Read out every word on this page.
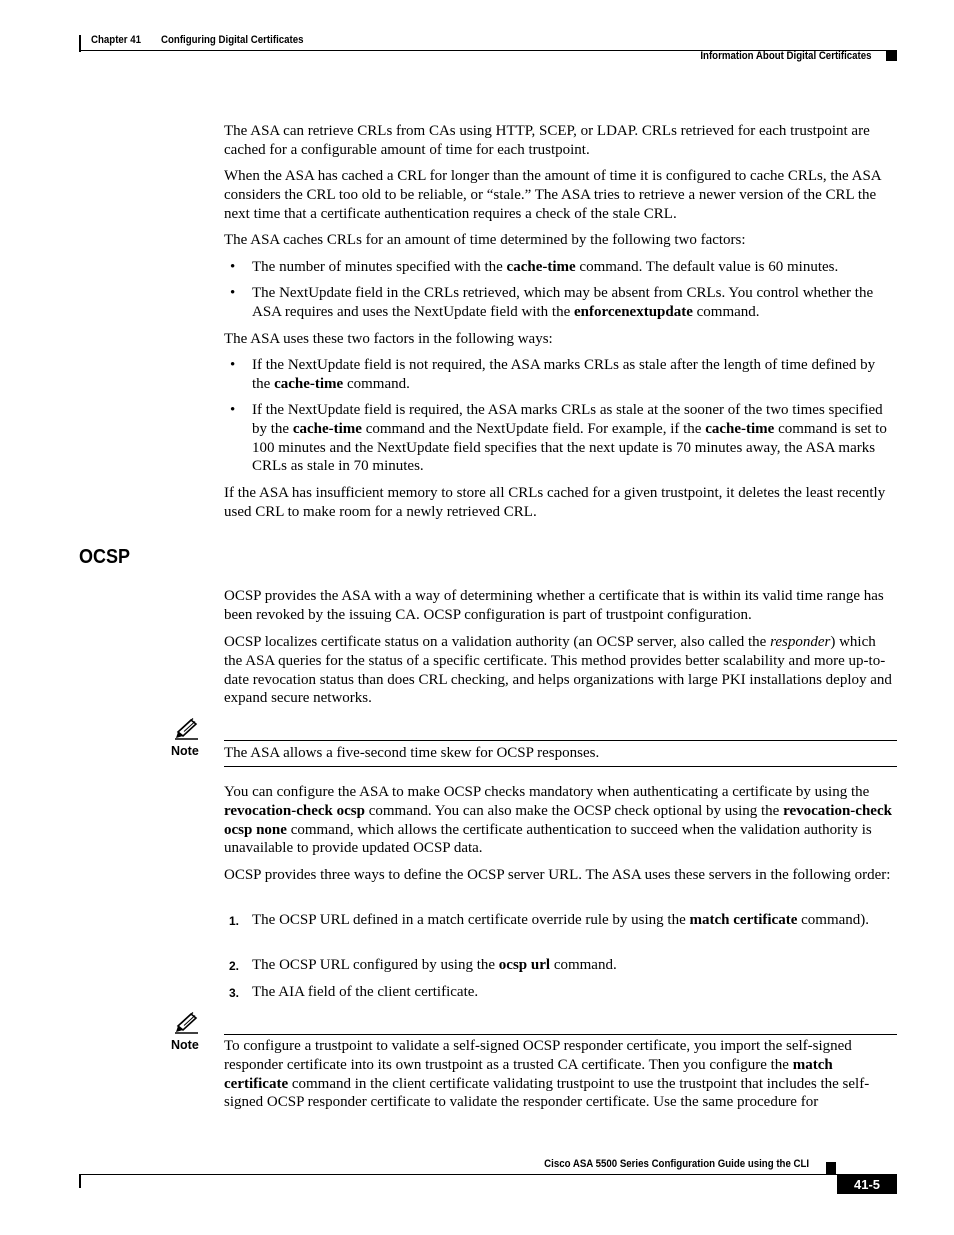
Chapter 41 Configuring Digital Certificates
Information About Digital Certificates

The ASA can retrieve CRLs from CAs using HTTP, SCEP, or LDAP. CRLs retrieved for each trustpoint are cached for a configurable amount of time for each trustpoint.

When the ASA has cached a CRL for longer than the amount of time it is configured to cache CRLs, the ASA considers the CRL too old to be reliable, or “stale.” The ASA tries to retrieve a newer version of the CRL the next time that a certificate authentication requires a check of the stale CRL.

The ASA caches CRLs for an amount of time determined by the following two factors:

• The number of minutes specified with the cache-time command. The default value is 60 minutes.
• The NextUpdate field in the CRLs retrieved, which may be absent from CRLs. You control whether the ASA requires and uses the NextUpdate field with the enforcenextupdate command.

The ASA uses these two factors in the following ways:

• If the NextUpdate field is not required, the ASA marks CRLs as stale after the length of time defined by the cache-time command.
• If the NextUpdate field is required, the ASA marks CRLs as stale at the sooner of the two times specified by the cache-time command and the NextUpdate field. For example, if the cache-time command is set to 100 minutes and the NextUpdate field specifies that the next update is 70 minutes away, the ASA marks CRLs as stale in 70 minutes.

If the ASA has insufficient memory to store all CRLs cached for a given trustpoint, it deletes the least recently used CRL to make room for a newly retrieved CRL.

OCSP

OCSP provides the ASA with a way of determining whether a certificate that is within its valid time range has been revoked by the issuing CA. OCSP configuration is part of trustpoint configuration.

OCSP localizes certificate status on a validation authority (an OCSP server, also called the responder) which the ASA queries for the status of a specific certificate. This method provides better scalability and more up-to-date revocation status than does CRL checking, and helps organizations with large PKI installations deploy and expand secure networks.

Note The ASA allows a five-second time skew for OCSP responses.

You can configure the ASA to make OCSP checks mandatory when authenticating a certificate by using the revocation-check ocsp command. You can also make the OCSP check optional by using the revocation-check ocsp none command, which allows the certificate authentication to succeed when the validation authority is unavailable to provide updated OCSP data.

OCSP provides three ways to define the OCSP server URL. The ASA uses these servers in the following order:

1. The OCSP URL defined in a match certificate override rule by using the match certificate command).
2. The OCSP URL configured by using the ocsp url command.
3. The AIA field of the client certificate.
Note To configure a trustpoint to validate a self-signed OCSP responder certificate, you import the self-signed responder certificate into its own trustpoint as a trusted CA certificate. Then you configure the match certificate command in the client certificate validating trustpoint to use the trustpoint that includes the self-signed OCSP responder certificate to validate the responder certificate. Use the same procedure for

Cisco ASA 5500 Series Configuration Guide using the CLI
41-5
